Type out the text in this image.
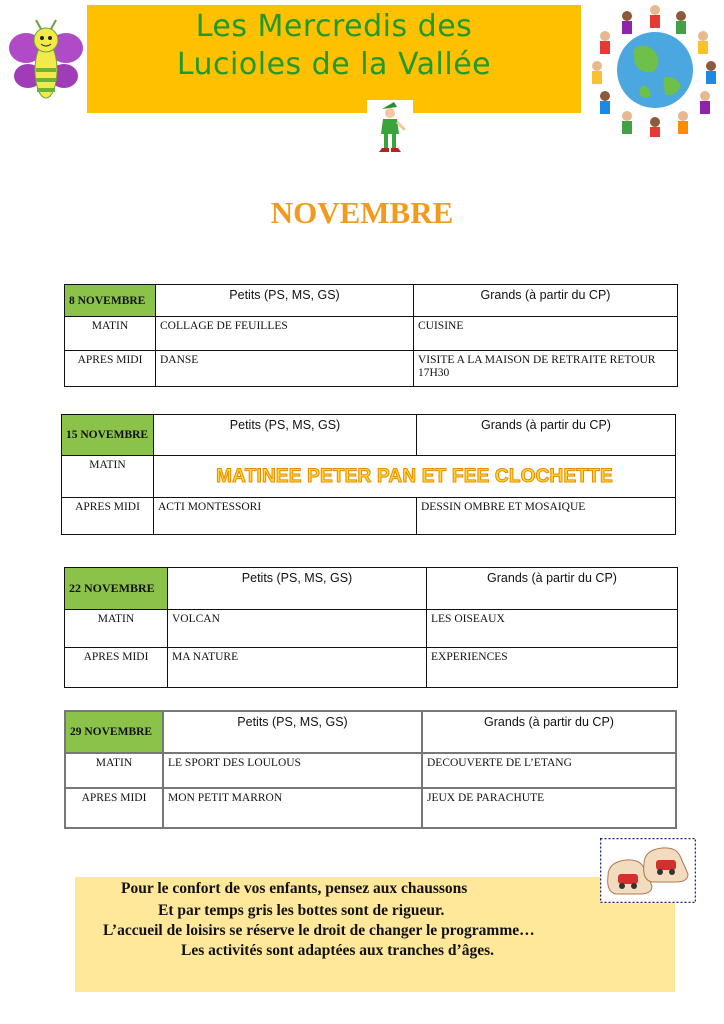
Les Mercredis des
Lucioles de la Vallée
NOVEMBRE
8 NOVEMBRE	Petits (PS, MS, GS)	Grands (à partir du CP)
MATIN	COLLAGE DE FEUILLES	CUISINE
APRES MIDI	DANSE	VISITE A LA MAISON DE RETRAITE RETOUR 17H30
15 NOVEMBRE	Petits (PS, MS, GS)	Grands (à partir du CP)
MATIN	MATINEE PETER PAN ET FEE CLOCHETTE	

APRES MIDI	ACTI MONTESSORI	DESSIN OMBRE ET MOSAIQUE
22 NOVEMBRE	Petits (PS, MS, GS)	Grands (à partir du CP)
MATIN	VOLCAN	LES OISEAUX
APRES MIDI	MA NATURE	EXPERIENCES
29 NOVEMBRE	Petits (PS, MS, GS)	Grands (à partir du CP)
MATIN	LE SPORT DES LOULOUS	DECOUVERTE DE L’ETANG
APRES MIDI	MON PETIT MARRON	JEUX DE PARACHUTE
Pour le confort de vos enfants, pensez aux chaussons
Et par temps gris les bottes sont de rigueur.
L’accueil de loisirs se réserve le droit de changer le programme…
Les activités sont adaptées aux tranches d’âges.
